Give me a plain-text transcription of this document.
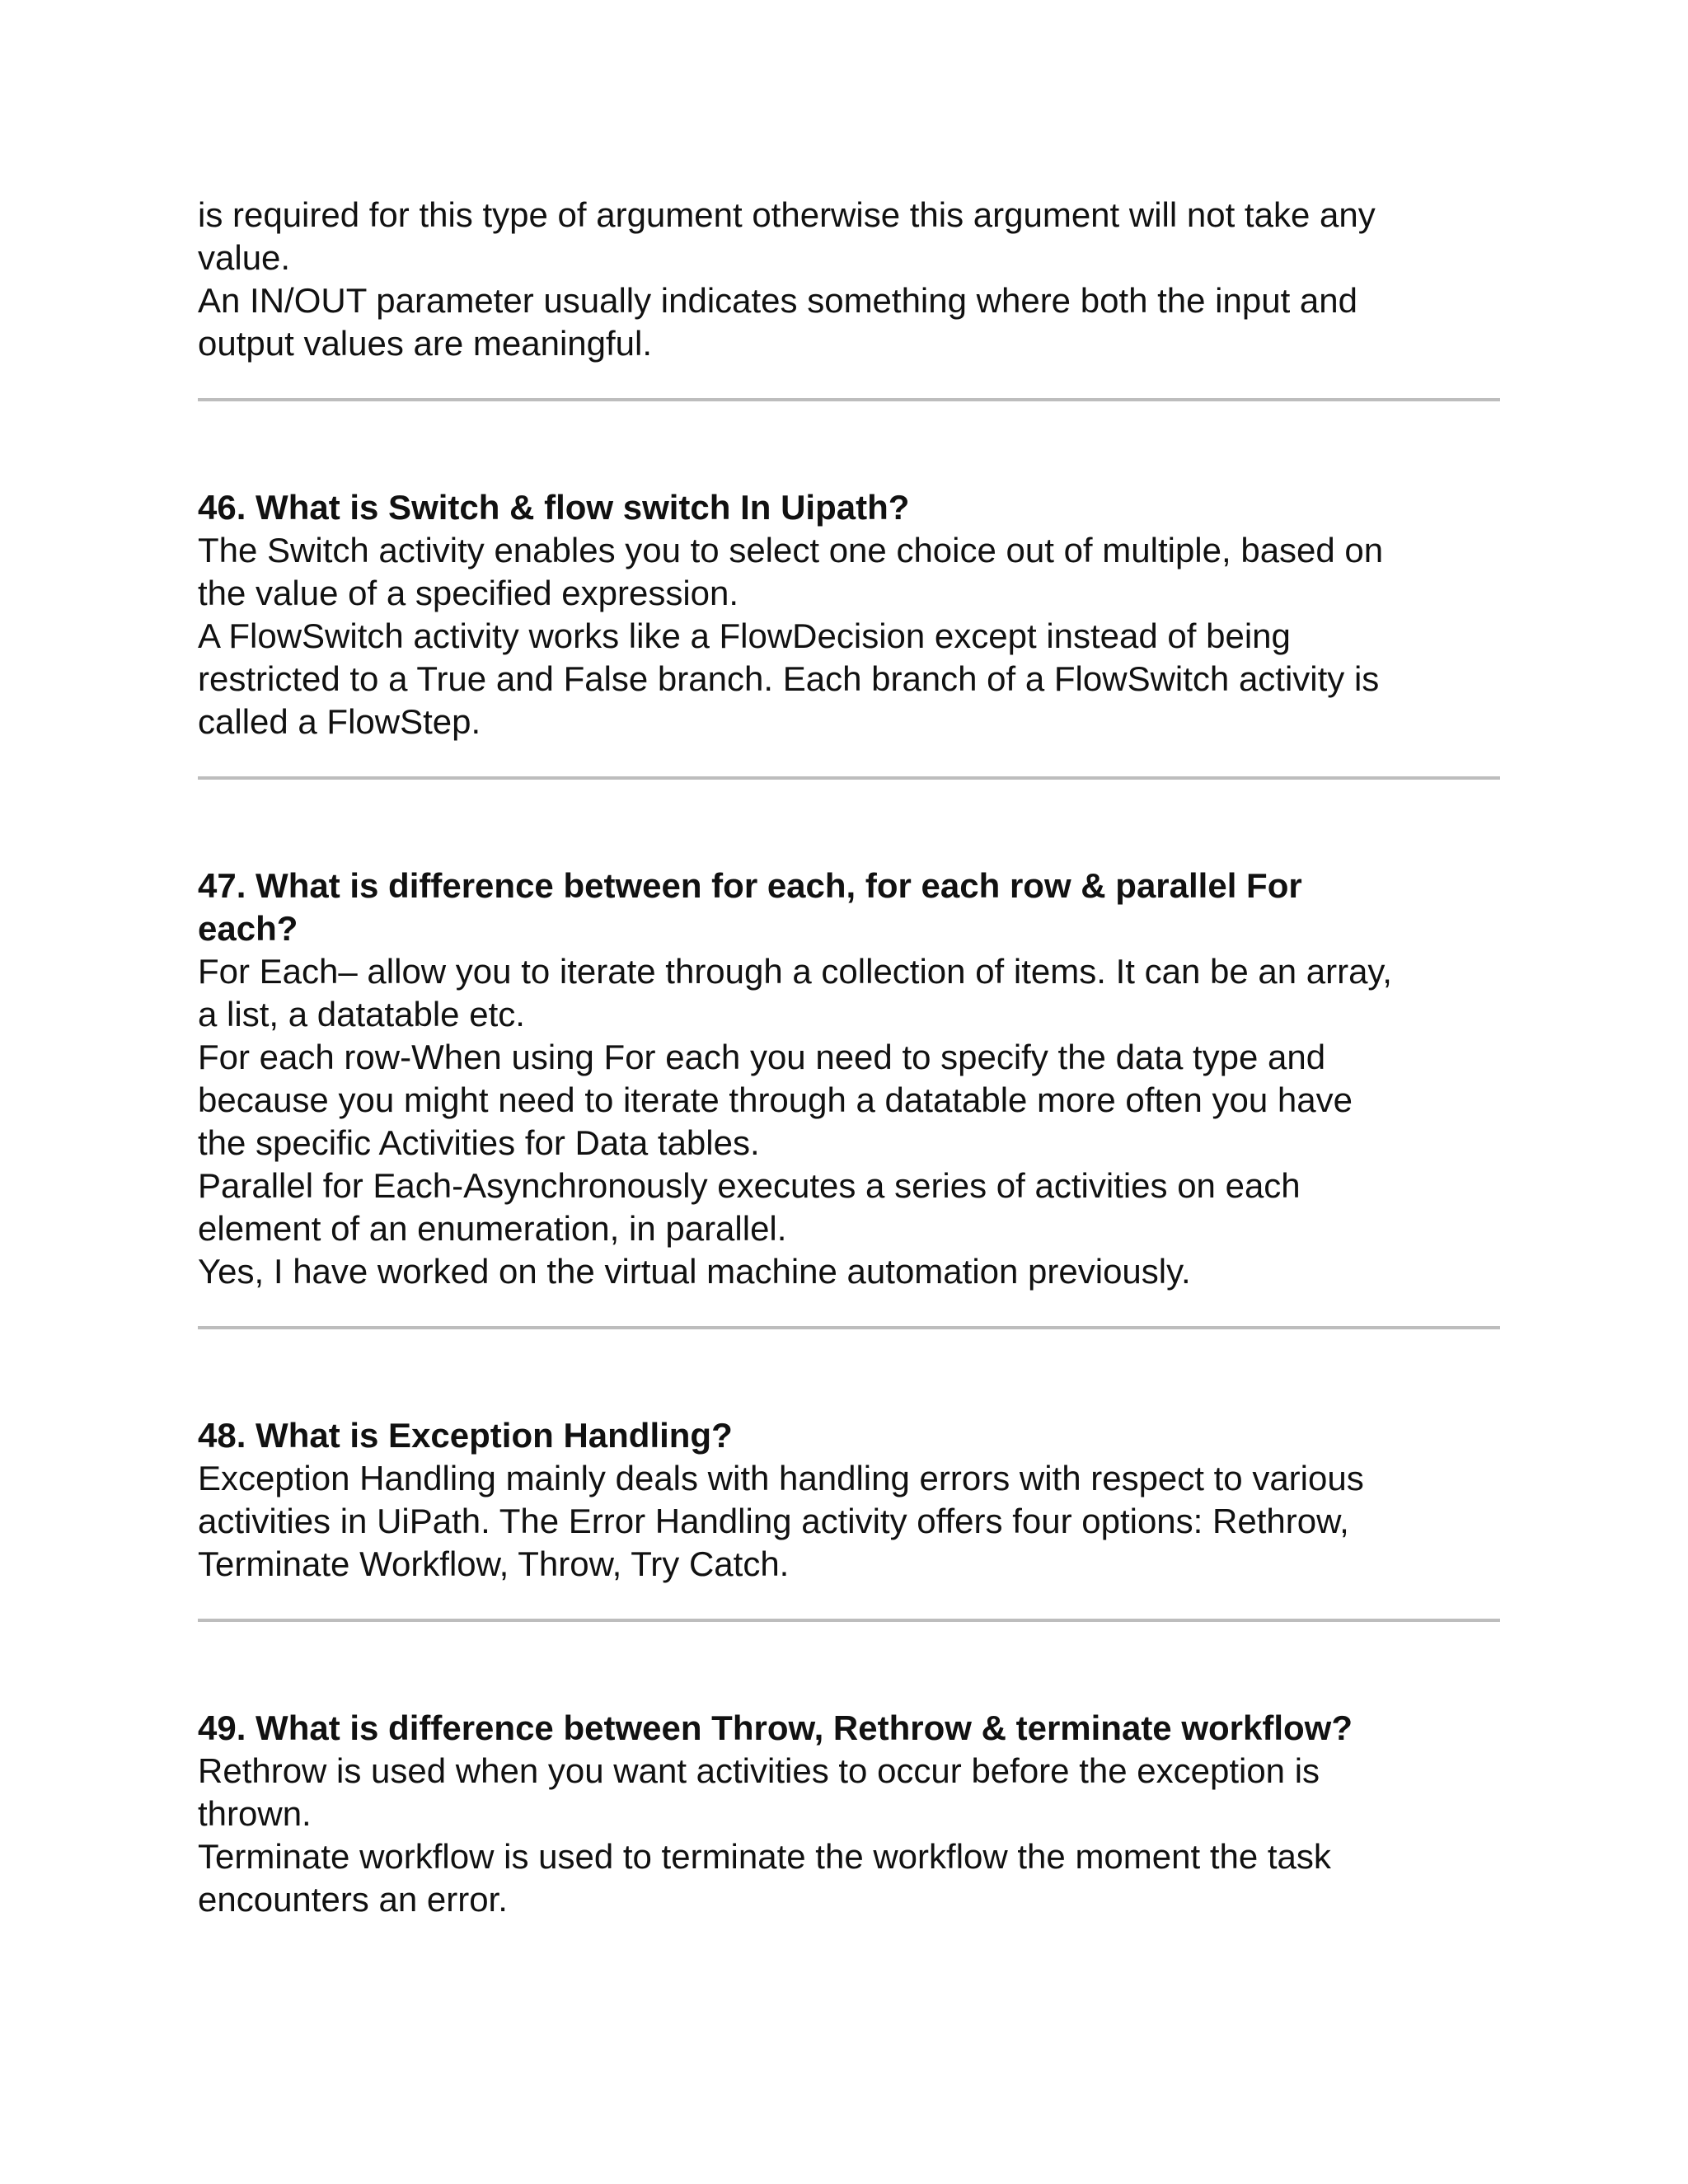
is required for this type of argument otherwise this argument will not take any

value.

An IN/OUT parameter usually indicates something where both the input and

output values are meaningful.

46. What is Switch & flow switch In Uipath?

The Switch activity enables you to select one choice out of multiple, based on

the value of a specified expression.

A FlowSwitch activity works like a FlowDecision except instead of being

restricted to a True and False branch. Each branch of a FlowSwitch activity is

called a FlowStep.

47. What is difference between for each, for each row & parallel For

each?

For Each– allow you to iterate through a collection of items. It can be an array,

a list, a datatable etc.

For each row-When using For each you need to specify the data type and

because you might need to iterate through a datatable more often you have

the specific Activities for Data tables.

Parallel for Each-Asynchronously executes a series of activities on each

element of an enumeration, in parallel.

Yes, I have worked on the virtual machine automation previously.

48. What is Exception Handling?

Exception Handling mainly deals with handling errors with respect to various

activities in UiPath. The Error Handling activity offers four options: Rethrow,

Terminate Workflow, Throw, Try Catch.

49. What is difference between Throw, Rethrow & terminate workflow?

Rethrow is used when you want activities to occur before the exception is

thrown.

Terminate workflow is used to terminate the workflow the moment the task

encounters an error.
